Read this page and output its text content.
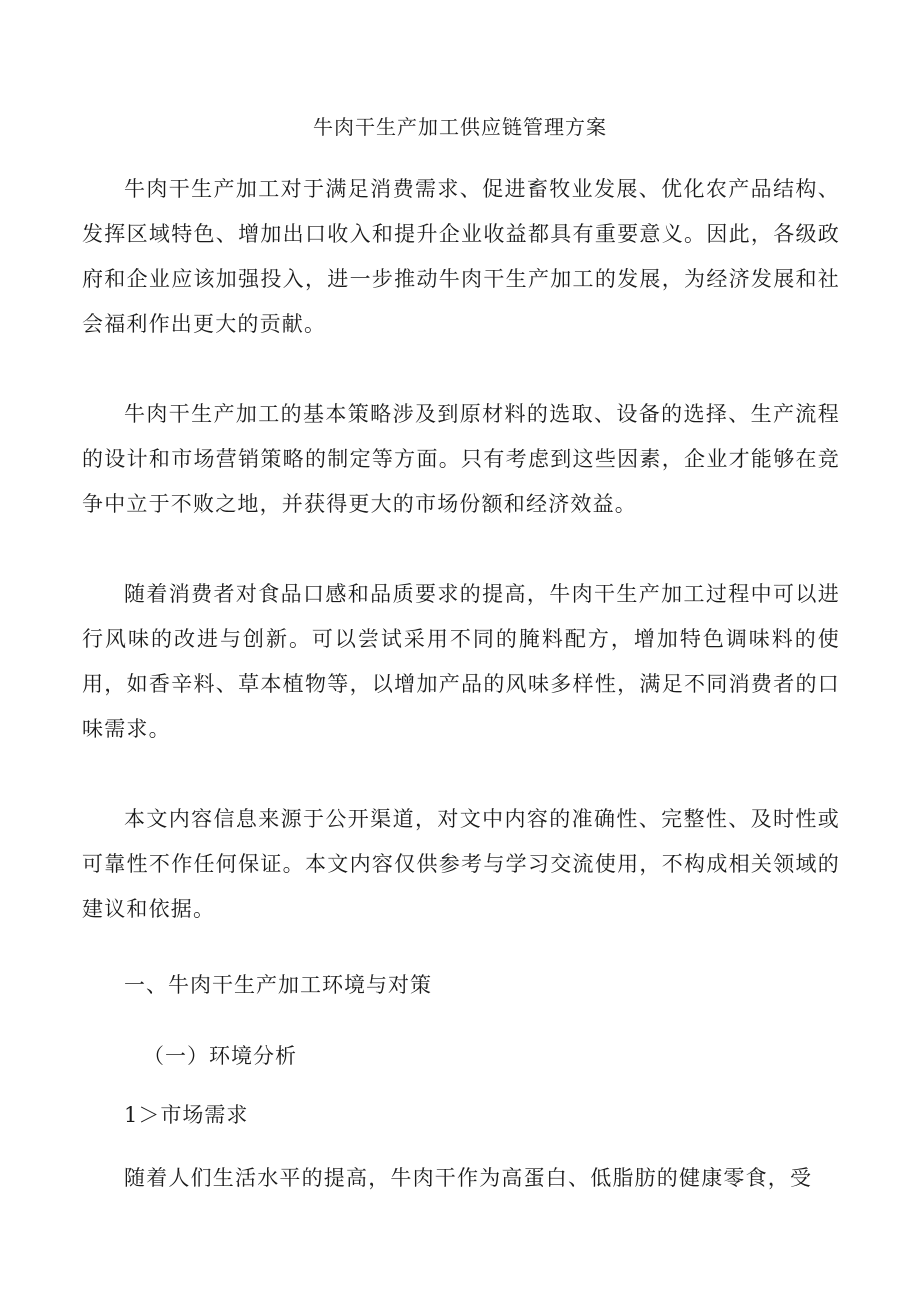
牛肉干生产加工供应链管理方案

牛肉干生产加工对于满足消费需求、促进畜牧业发展、优化农产品结构、发挥区域特色、增加出口收入和提升企业收益都具有重要意义。因此，各级政府和企业应该加强投入，进一步推动牛肉干生产加工的发展，为经济发展和社会福利作出更大的贡献。

牛肉干生产加工的基本策略涉及到原材料的选取、设备的选择、生产流程的设计和市场营销策略的制定等方面。只有考虑到这些因素，企业才能够在竞争中立于不败之地，并获得更大的市场份额和经济效益。

随着消费者对食品口感和品质要求的提高，牛肉干生产加工过程中可以进行风味的改进与创新。可以尝试采用不同的腌料配方，增加特色调味料的使用，如香辛料、草本植物等，以增加产品的风味多样性，满足不同消费者的口味需求。

本文内容信息来源于公开渠道，对文中内容的准确性、完整性、及时性或可靠性不作任何保证。本文内容仅供参考与学习交流使用，不构成相关领域的建议和依据。

一、牛肉干生产加工环境与对策
（一）环境分析
1＞市场需求

随着人们生活水平的提高，牛肉干作为高蛋白、低脂肪的健康零食，受
